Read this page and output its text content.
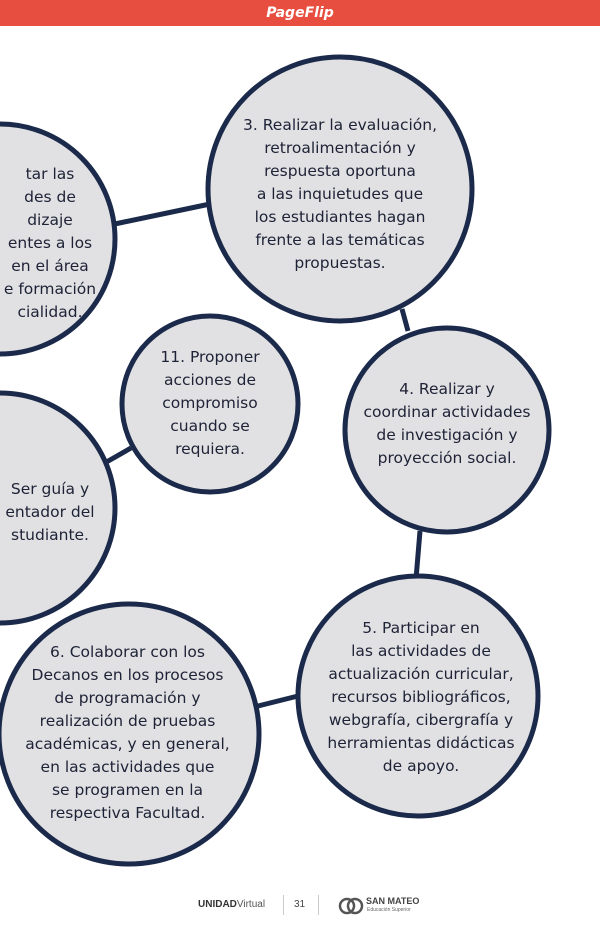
PageFlip
tar las
des de
dizaje
entes a los
en el área
e formación
cialidad.
3. Realizar la evaluación,
retroalimentación y
respuesta oportuna
a las inquietudes que
los estudiantes hagan
frente a las temáticas
propuestas.
11. Proponer
acciones de
compromiso
cuando se
requiera.
4. Realizar y
coordinar actividades
de investigación y
proyección social.
Ser guía y
entador del
studiante.
5. Participar en
las actividades de
actualización curricular,
recursos bibliográficos,
webgrafía, cibergrafía y
herramientas didácticas
de apoyo.
6. Colaborar con los
Decanos en los procesos
de programación y
realización de pruebas
académicas, y en general,
en las actividades que
se programen en la
respectiva Facultad.
UNIDADVirtual	31	SAN MATEO
Educación Superior
